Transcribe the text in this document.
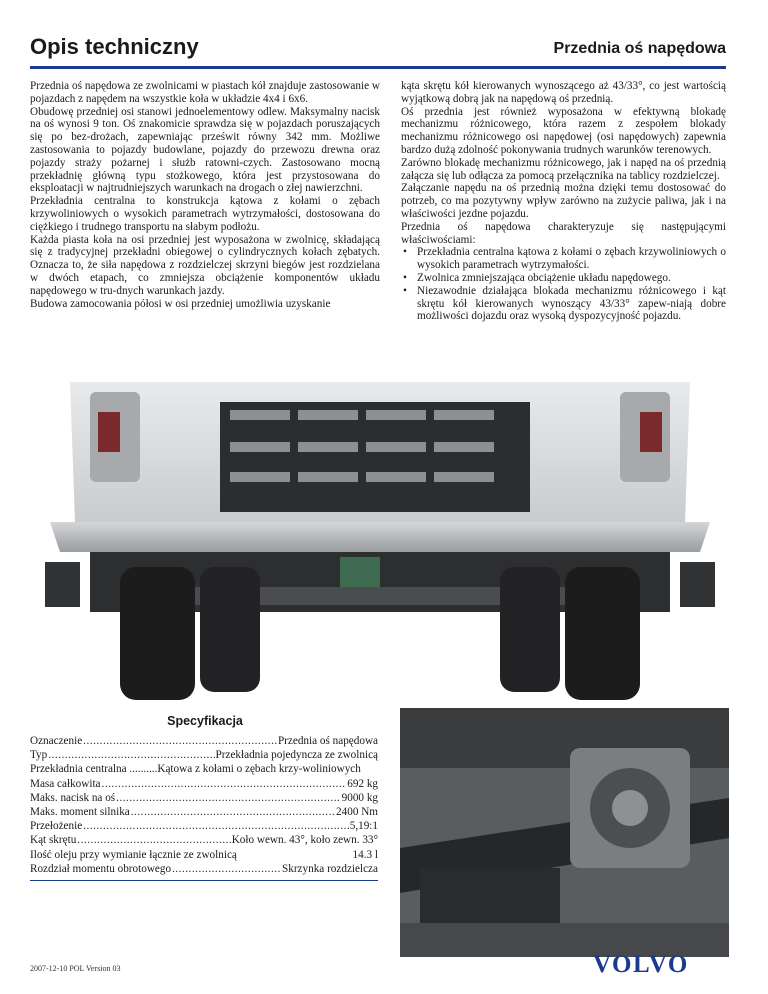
Opis techniczny	Przednia oś napędowa

Przednia oś napędowa ze zwolnicami w piastach kół znajduje zastosowanie w pojazdach z napędem na wszystkie koła w układzie 4x4 i 6x6.

Obudowę przedniej osi stanowi jednoelementowy odlew. Maksymalny nacisk na oś wynosi 9 ton. Oś znakomicie sprawdza się w pojazdach poruszających się po bez-drożach, zapewniając prześwit równy 342 mm. Możliwe zastosowania to pojazdy budowlane, pojazdy do przewozu drewna oraz pojazdy straży pożarnej i służb ratowni-czych. Zastosowano mocną przekładnię główną typu stożkowego, która jest przystosowana do eksploatacji w najtrudniejszych warunkach na drogach o złej nawierzchni.

Przekładnia centralna to konstrukcja kątowa z kołami o zębach krzywoliniowych o wysokich parametrach wytrzymałości, dostosowana do ciężkiego i trudnego transportu na słabym podłożu.

Każda piasta koła na osi przedniej jest wyposażona w zwolnicę, składającą się z tradycyjnej przekładni obiegowej o cylindrycznych kołach zębatych. Oznacza to, że siła napędowa z rozdzielczej skrzyni biegów jest rozdzielana w dwóch etapach, co zmniejsza obciążenie komponentów układu napędowego w tru-dnych warunkach jazdy.

Budowa zamocowania półosi w osi przedniej umożliwia uzyskanie

kąta skrętu kół kierowanych wynoszącego aż 43/33°, co jest wartością wyjątkową dobrą jak na napędową oś przednią.

Oś przednia jest również wyposażona w efektywną blokadę mechanizmu różnicowego, która razem z zespołem blokady mechanizmu różnicowego osi napędowej (osi napędowych) zapewnia bardzo dużą zdolność pokonywania trudnych warunków terenowych.

Zarówno blokadę mechanizmu różnicowego, jak i napęd na oś przednią załącza się lub odłącza za pomocą przełącznika na tablicy rozdzielczej.

Załączanie napędu na oś przednią można dzięki temu dostosować do potrzeb, co ma pozytywny wpływ zarówno na zużycie paliwa, jak i na właściwości jezdne pojazdu.

Przednia oś napędowa charakteryzuje się następującymi właściwościami:

• Przekładnia centralna kątowa z kołami o zębach krzywoliniowych o wysokich parametrach wytrzymałości.
• Zwolnica zmniejszająca obciążenie układu napędowego.
• Niezawodnie działająca blokada mechanizmu różnicowego i kąt skrętu kół kierowanych wynoszący 43/33° zapew-niają dobre możliwości dojazdu oraz wysoką dyspozycyjność pojazdu.
Specyfikacja
Oznaczenie .....	Przednia oś napędowa
Typ .....	Przekładnia pojedyncza ze zwolnicą
Przekładnia centralna ..........Kątowa z kołami o zębach krzy-woliniowych
Masa całkowita .....	692 kg
Maks. nacisk na oś .....	9000 kg
Maks. moment silnika .....	2400 Nm
Przełożenie .....	5,19:1
Kąt skrętu .....	Koło wewn. 43°, koło zewn. 33°
Ilość oleju przy wymianie łącznie ze zwolnicą	14.3 l
Rozdział momentu obrotowego .....	Skrzynka rozdzielcza
2007-12-10 POL Version 03	VOLVO
